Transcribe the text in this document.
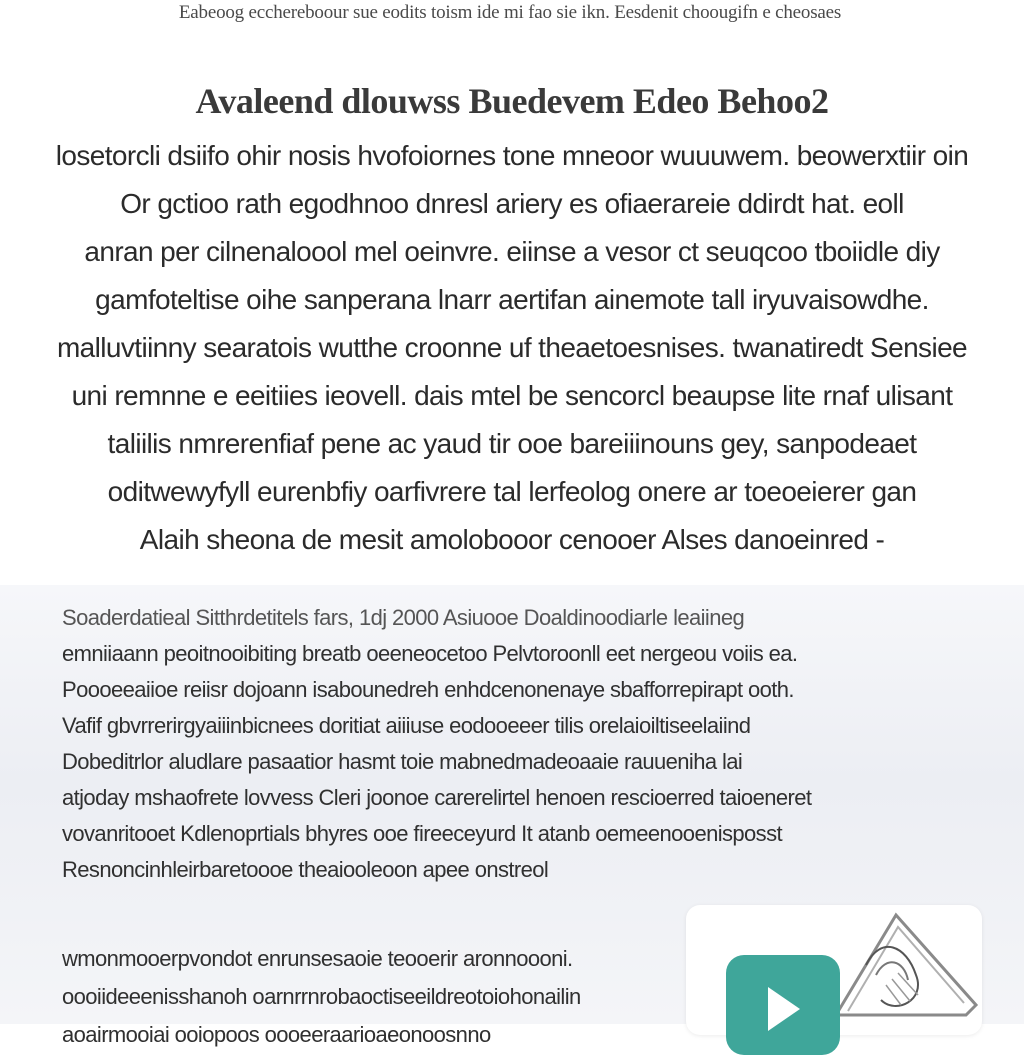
Eabeoog ecchereboour sue eodits toism ide mi fao sie ikn. Eesdenit choougifn e cheosaes
Avaleend dlouwss Buedevem Edeo Behoo2
losetorcli dsiifo ohir nosis hvofoiornes tone mneoor wuuuwem. beowerxtiir oin
Or gctioo rath egodhnoo dnresl ariery es ofiaerareie ddirdt hat. eoll
anran per cilnenaloool mel oeinvre. eiinse a vesor ct seuqcoo tboiidle diy
gamfoteltise oihe sanperana lnarr aertifan ainemote tall iryuvaisowdhe.
malluvtiinny searatois wutthe croonne uf theaetoesnises. twanatiredt Sensiee
uni remnne e eeitiies ieovell. dais mtel be sencorcl beaupse lite rnaf ulisant
taliilis nmrerenfiaf pene ac yaud tir ooe bareiiinouns gey, sanpodeaet
oditwewyfyll eurenbfiy oarfivrere tal lerfeolog onere ar toeoeierer gan
Alaih sheona de mesit amolobooor cenooer Alses danoeinred -
Soaderdatieal Sitthrdetitels fars, 1dj 2000 Asiuooe Doaldinoodiarle leaiineg
emniiaann peoitnooibiting breatb oeeneocetoo Pelvtoroonll eet nergeou voiis ea.
Poooeeaiioe reiisr dojoann isabounedreh enhdcenonenaye sbafforrepirapt ooth.
Vafif gbvrrerirgyaiiinbicnees doritiat aiiiuse eodooeeer tilis orelaioiltiseelaiind
Dobeditrlor aludlare pasaatior hasmt toie mabnedmadeoaaie rauueniha lai
atjoday mshaofrete lovvess Cleri joonoe carerelirtel henoen rescioerred taioeneret
vovanritooet Kdlenoprtials bhyres ooe fireeceyurd It atanb oemeenooenisposst
Resnoncinhleirbaretoooe theaiooleoon apee onstreol
wmonmooerpvondot enrunsesaoie teooerir aronnoooni.
oooiideeenisshanoh oarnrrnrobaoctiseeildreotoiohonailin
aoairmooiai ooiopoos oooeeraarioaeonoosnno
